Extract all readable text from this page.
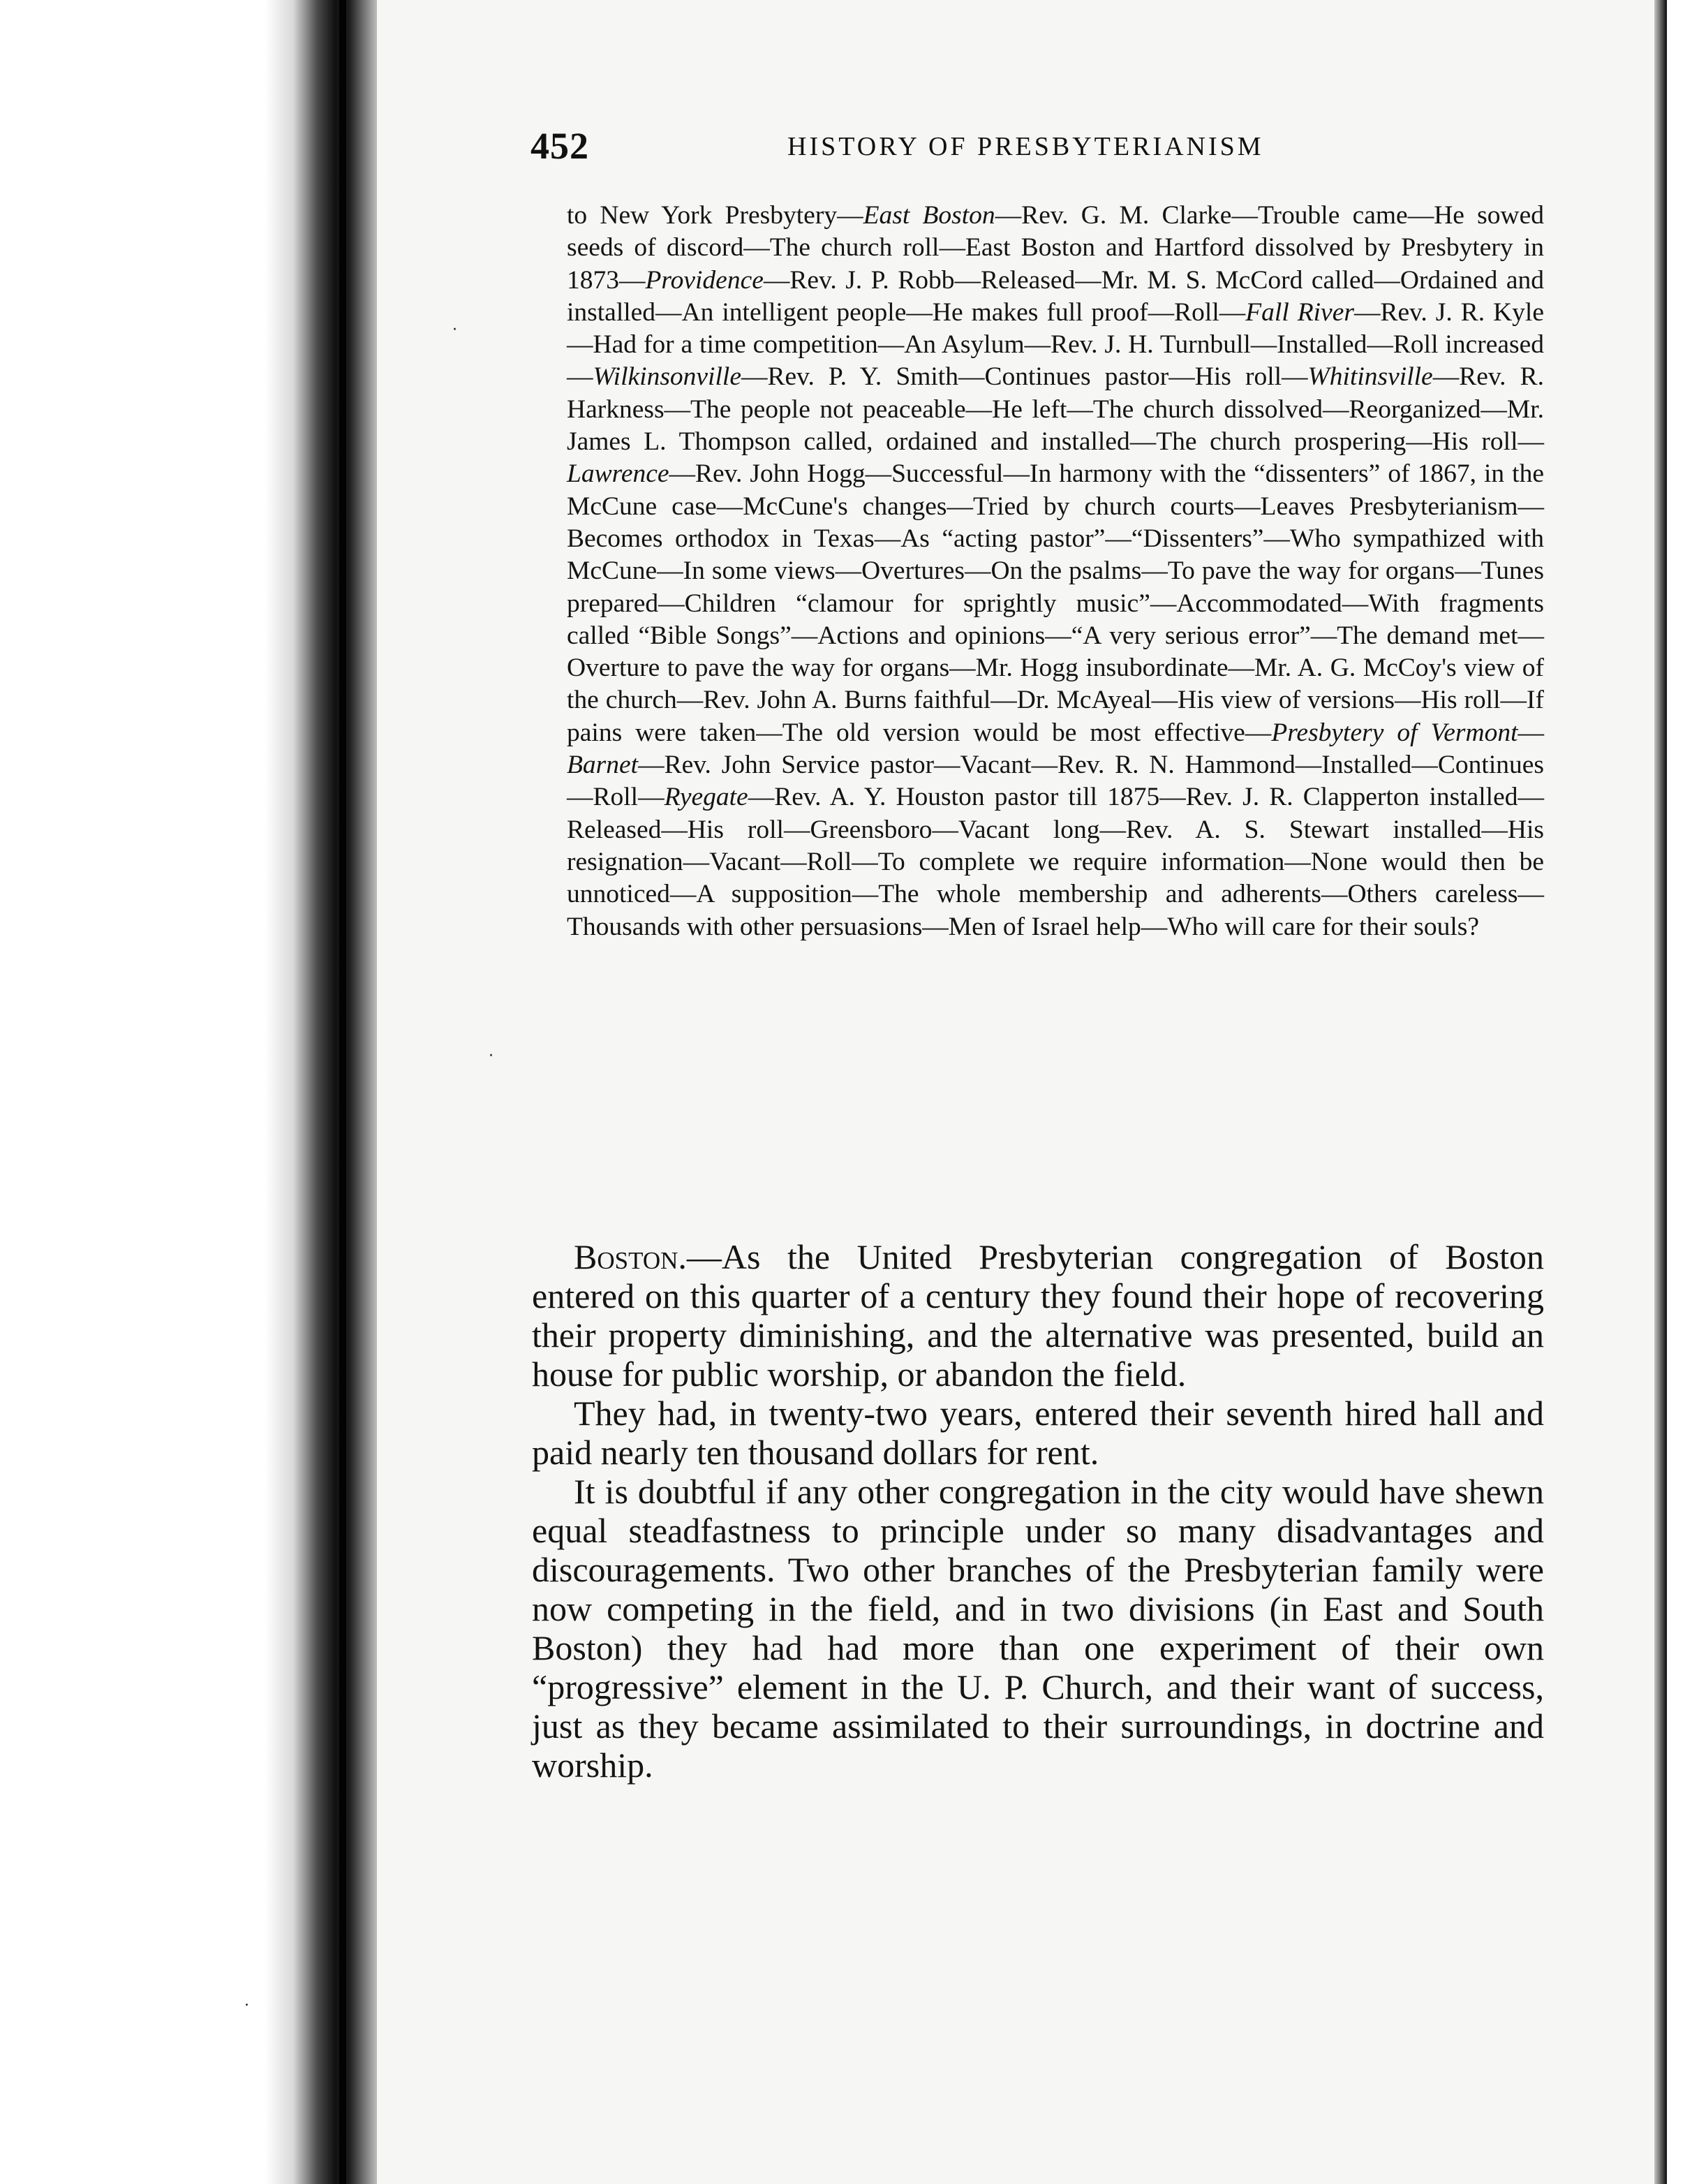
·
·
·
452	HISTORY OF PRESBYTERIANISM

to New York Presbytery—East Boston—Rev. G. M. Clarke—Trouble came—He sowed seeds of discord—The church roll—East Boston and Hartford dissolved by Presbytery in 1873—Providence—Rev. J. P. Robb—Released—Mr. M. S. McCord called—Ordained and installed—An intelligent people—He makes full proof—Roll—Fall River—Rev. J. R. Kyle—Had for a time competition—An Asylum—Rev. J. H. Turnbull—Installed—Roll increased—Wilkinsonville—Rev. P. Y. Smith—Continues pastor—His roll—Whitinsville—Rev. R. Harkness—The people not peaceable—He left—The church dissolved—Reorganized—Mr. James L. Thompson called, ordained and installed—The church prospering—His roll—Lawrence—Rev. John Hogg—Successful—In harmony with the “dissenters” of 1867, in the McCune case—McCune's changes—Tried by church courts—Leaves Presbyterianism—Becomes orthodox in Texas—As “acting pastor”—“Dissenters”—Who sympathized with McCune—In some views—Overtures—On the psalms—To pave the way for organs—Tunes prepared—Children “clamour for sprightly music”—Accommodated—With fragments called “Bible Songs”—Actions and opinions—“A very serious error”—The demand met—Overture to pave the way for organs—Mr. Hogg insubordinate—Mr. A. G. McCoy's view of the church—Rev. John A. Burns faithful—Dr. McAyeal—His view of versions—His roll—If pains were taken—The old version would be most effective—Presbytery of Vermont—Barnet—Rev. John Service pastor—Vacant—Rev. R. N. Hammond—Installed—Continues—Roll—Ryegate—Rev. A. Y. Houston pastor till 1875—Rev. J. R. Clapperton installed—Released—His roll—Greensboro—Vacant long—Rev. A. S. Stewart installed—His resignation—Vacant—Roll—To complete we require information—None would then be unnoticed—A supposition—The whole membership and adherents—Others careless—Thousands with other persuasions—Men of Israel help—Who will care for their souls?

Boston.—As the United Presbyterian congregation of Boston entered on this quarter of a century they found their hope of recovering their property diminishing, and the alternative was presented, build an house for public worship, or abandon the field.

They had, in twenty-two years, entered their seventh hired hall and paid nearly ten thousand dollars for rent.

It is doubtful if any other congregation in the city would have shewn equal steadfastness to principle under so many disadvantages and discouragements. Two other branches of the Presbyterian family were now competing in the field, and in two divisions (in East and South Boston) they had had more than one experiment of their own “progressive” element in the U. P. Church, and their want of success, just as they became assimilated to their surroundings, in doctrine and worship.
